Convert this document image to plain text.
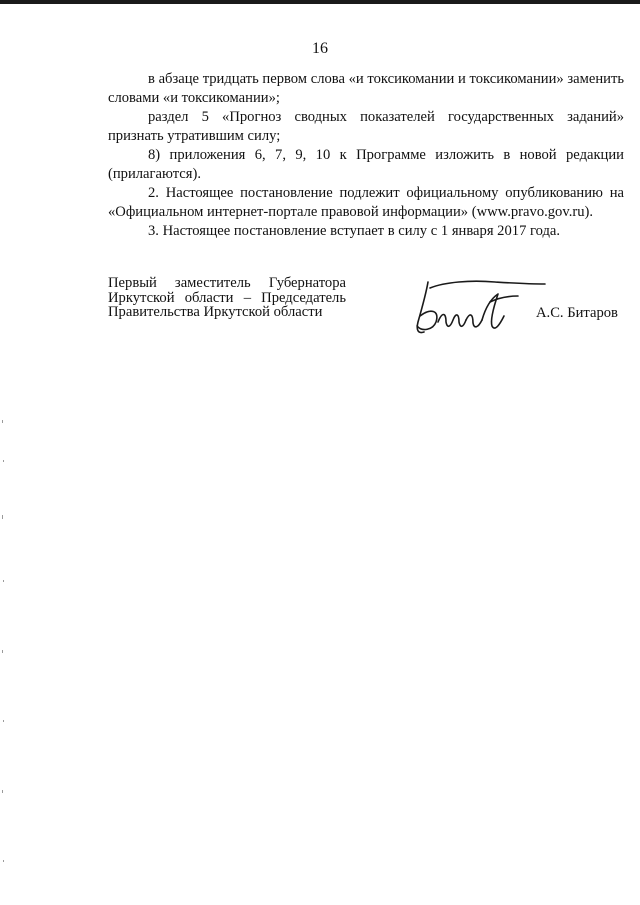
16

в абзаце тридцать первом слова «и токсикомании и токсикомании» заменить словами «и токсикомании»;

раздел 5 «Прогноз сводных показателей государственных заданий» признать утратившим силу;

8) приложения 6, 7, 9, 10 к Программе изложить в новой редакции (прилагаются).

2. Настоящее постановление подлежит официальному опубликованию на «Официальном интернет-портале правовой информации» (www.pravo.gov.ru).

3. Настоящее постановление вступает в силу с 1 января 2017 года.

Первый заместитель Губернатора
Иркутской области – Председатель
Правительства Иркутской области	А.С. Битаров
